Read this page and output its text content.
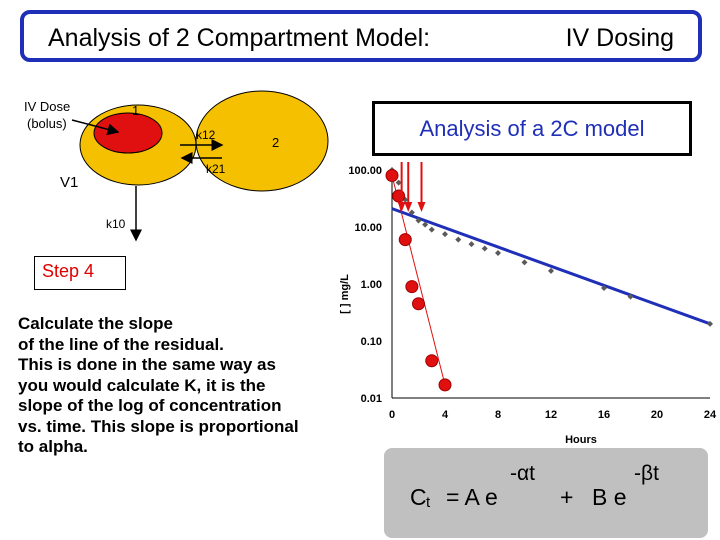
Analysis of 2 Compartment Model:	IV Dosing
IV Dose
(bolus)
1
2
V1
k12
k21
k10
Step 4
Calculate the slope
of the line of the residual.
This is done in the same way as
you would calculate K, it is the
slope of the log of concentration
vs. time. This slope is proportional
to alpha.
Analysis of a 2C model
100.00
10.00
1.00
0.10
0.01
0	4	8	12	16	20	24
Hours
[ ] mg/L
C t = A e
-αt
+ B e
-βt
